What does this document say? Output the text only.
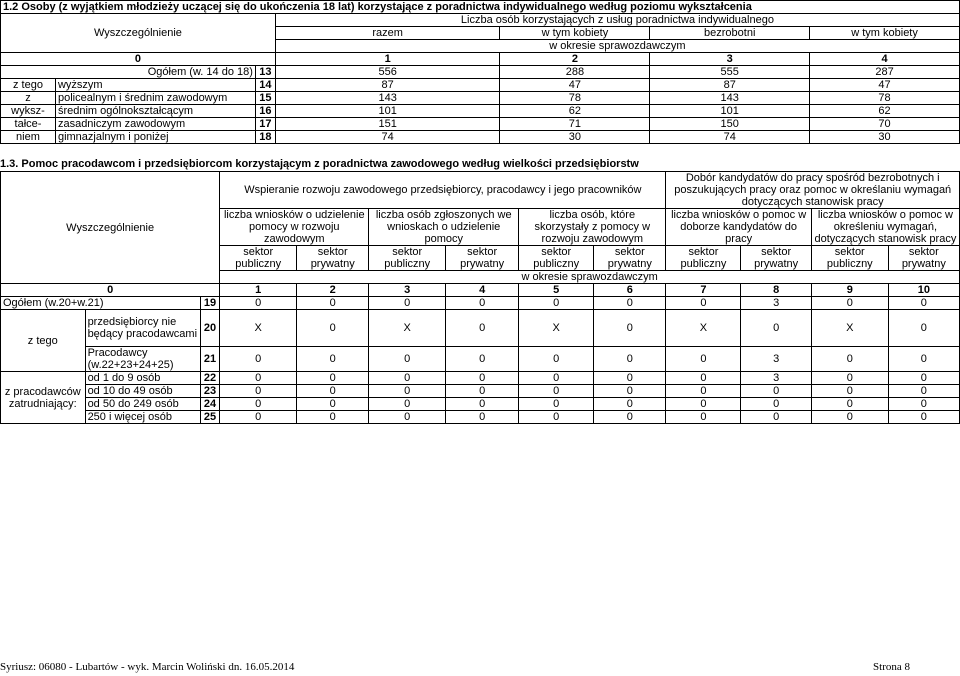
1.2 Osoby (z wyjątkiem młodzieży uczącej się do ukończenia 18 lat) korzystające z poradnictwa indywidualnego według poziomu wykształcenia						
Wyszczególnienie			Liczba osób korzystających z usług poradnictwa indywidualnego			
			razem	w tym kobiety	bezrobotni	w tym kobiety
			w okresie sprawozdawczym			
0			1	2	3	4
Ogółem (w. 14 do 18)		13	556	288	555	287
z tego	wyższym	14	87	47	87	47
z	policealnym i średnim zawodowym	15	143	78	143	78
wyksz-	średnim ogólnokształcącym	16	101	62	101	62
tałce-	zasadniczym zawodowym	17	151	71	150	70
niem	gimnazjalnym i poniżej	18	74	30	74	30
1.3. Pomoc pracodawcom i przedsiębiorcom korzystającym z poradnictwa zawodowego według wielkości przedsiębiorstw
Wyszczególnienie			Wspieranie rozwoju zawodowego przedsiębiorcy, pracodawcy i jego pracowników						Dobór kandydatów do pracy spośród bezrobotnych i poszukujących pracy oraz pomoc w określaniu wymagań dotyczących stanowisk pracy			
			liczba wniosków o udzielenie pomocy w rozwoju zawodowym		liczba osób zgłoszonych we wnioskach o udzielenie pomocy		liczba osób, które skorzystały z pomocy w rozwoju zawodowym		liczba wniosków o pomoc w doborze kandydatów do pracy		liczba wniosków o pomoc w określeniu wymagań, dotyczących stanowisk pracy	
			sektor publiczny	sektor prywatny	sektor publiczny	sektor prywatny	sektor publiczny	sektor prywatny	sektor publiczny	sektor prywatny	sektor publiczny	sektor prywatny
			w okresie sprawozdawczym									
0			1	2	3	4	5	6	7	8	9	10
Ogółem (w.20+w.21)		19	0	0	0	0	0	0	0	3	0	0
z tego	przedsiębiorcy nie będący pracodawcami	20	X	0	X	0	X	0	X	0	X	0
	Pracodawcy (w.22+23+24+25)	21	0	0	0	0	0	0	0	3	0	0
z pracodawców zatrudniający:	od 1 do 9 osób	22	0	0	0	0	0	0	0	3	0	0
	od 10 do 49 osób	23	0	0	0	0	0	0	0	0	0	0
	od 50 do 249 osób	24	0	0	0	0	0	0	0	0	0	0
	250 i więcej osób	25	0	0	0	0	0	0	0	0	0	0
Syriusz: 06080 - Lubartów - wyk. Marcin Woliński dn. 16.05.2014	Strona 8
